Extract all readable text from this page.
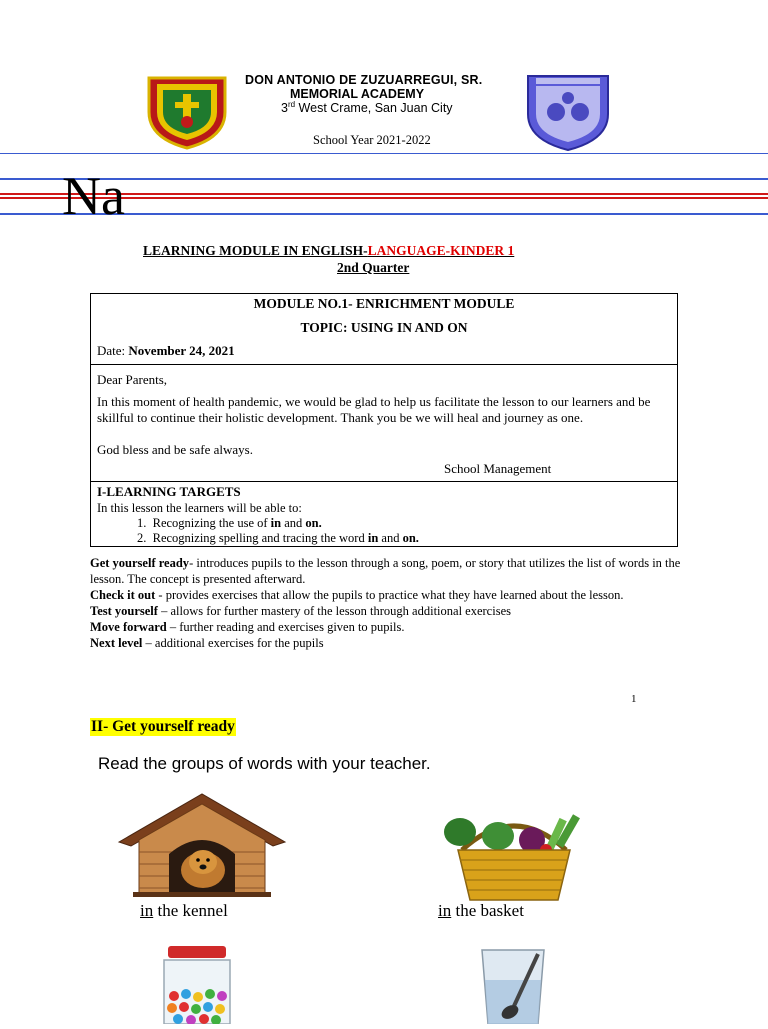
DON ANTONIO DE ZUZUARREGUI, SR.
MEMORIAL ACADEMY
3rd West Crame, San Juan City
School Year 2021-2022
Na
LEARNING MODULE IN ENGLISH-LANGUAGE-KINDER 1
2nd Quarter
MODULE NO.1- ENRICHMENT MODULE
TOPIC: USING IN AND ON
Date: November 24, 2021
Dear Parents,
In this moment of health pandemic, we would be glad to help us facilitate the lesson to our learners and be skillful to continue their holistic development. Thank you be we will heal and journey as one.
God bless and be safe always.
School Management
I-LEARNING TARGETS
In this lesson the learners will be able to:
1. Recognizing the use of in and on.
2. Recognizing spelling and tracing the word in and on.

Get yourself ready- introduces pupils to the lesson through a song, poem, or story that utilizes the list of words in the lesson. The concept is presented afterward.

Check it out - provides exercises that allow the pupils to practice what they have learned about the lesson.

Test yourself – allows for further mastery of the lesson through additional exercises

Move forward – further reading and exercises given to pupils.

Next level – additional exercises for the pupils

1
II- Get yourself ready
Read the groups of words with your teacher.
in the kennel	in the basket
